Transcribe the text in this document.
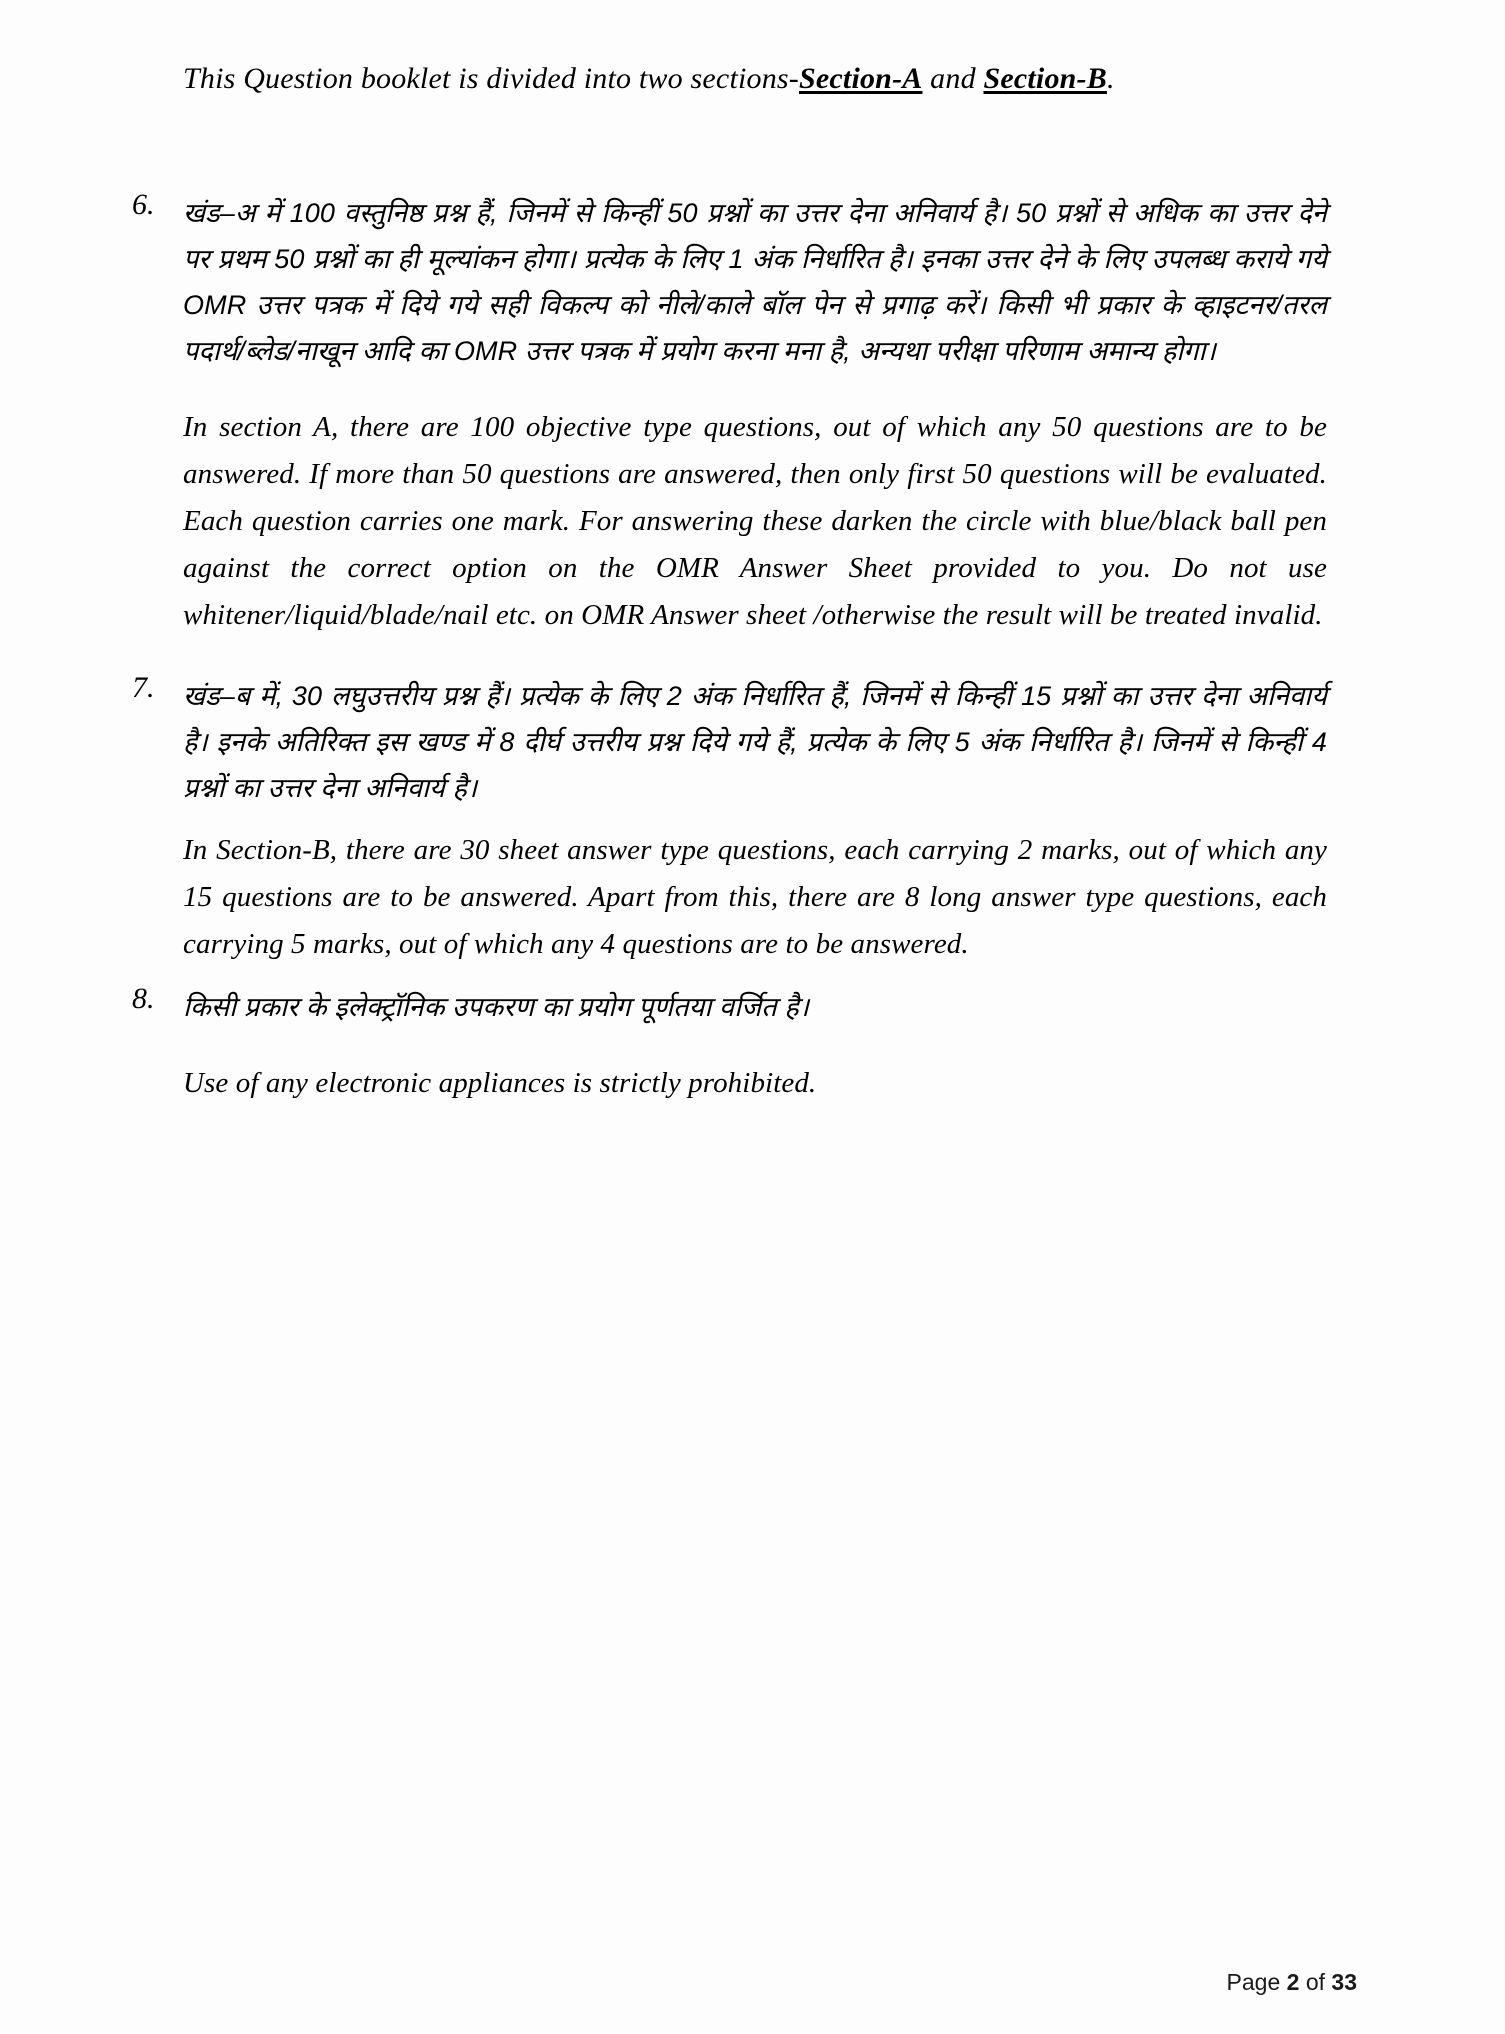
This Question booklet is divided into two sections-Section-A and Section-B.
6. खंड–अ में 100 वस्तुनिष्ठ प्रश्न हैं, जिनमें से किन्हीं 50 प्रश्नों का उत्तर देना अनिवार्य है। 50 प्रश्नों से अधिक का उत्तर देने पर प्रथम 50 प्रश्नों का ही मूल्यांकन होगा। प्रत्येक के लिए 1 अंक निर्धारित है। इनका उत्तर देने के लिए उपलब्ध कराये गये OMR उत्तर पत्रक में दिये गये सही विकल्प को नीले/काले बॉल पेन से प्रगाढ़ करें। किसी भी प्रकार के व्हाइटनर/तरल पदार्थ/ब्लेड/नाखून आदि का OMR उत्तर पत्रक में प्रयोग करना मना है, अन्यथा परीक्षा परिणाम अमान्य होगा।

In section A, there are 100 objective type questions, out of which any 50 questions are to be answered. If more than 50 questions are answered, then only first 50 questions will be evaluated. Each question carries one mark. For answering these darken the circle with blue/black ball pen against the correct option on the OMR Answer Sheet provided to you. Do not use whitener/liquid/blade/nail etc. on OMR Answer sheet /otherwise the result will be treated invalid.

7. खंड–ब में, 30 लघुउत्तरीय प्रश्न हैं। प्रत्येक के लिए 2 अंक निर्धारित हैं, जिनमें से किन्हीं 15 प्रश्नों का उत्तर देना अनिवार्य है। इनके अतिरिक्त इस खण्ड में 8 दीर्घ उत्तरीय प्रश्न दिये गये हैं, प्रत्येक के लिए 5 अंक निर्धारित है। जिनमें से किन्हीं 4 प्रश्नों का उत्तर देना अनिवार्य है।

In Section-B, there are 30 sheet answer type questions, each carrying 2 marks, out of which any 15 questions are to be answered. Apart from this, there are 8 long answer type questions, each carrying 5 marks, out of which any 4 questions are to be answered.

8. किसी प्रकार के इलेक्ट्रॉनिक उपकरण का प्रयोग पूर्णतया वर्जित है।

Use of any electronic appliances is strictly prohibited.

Page 2 of 33
